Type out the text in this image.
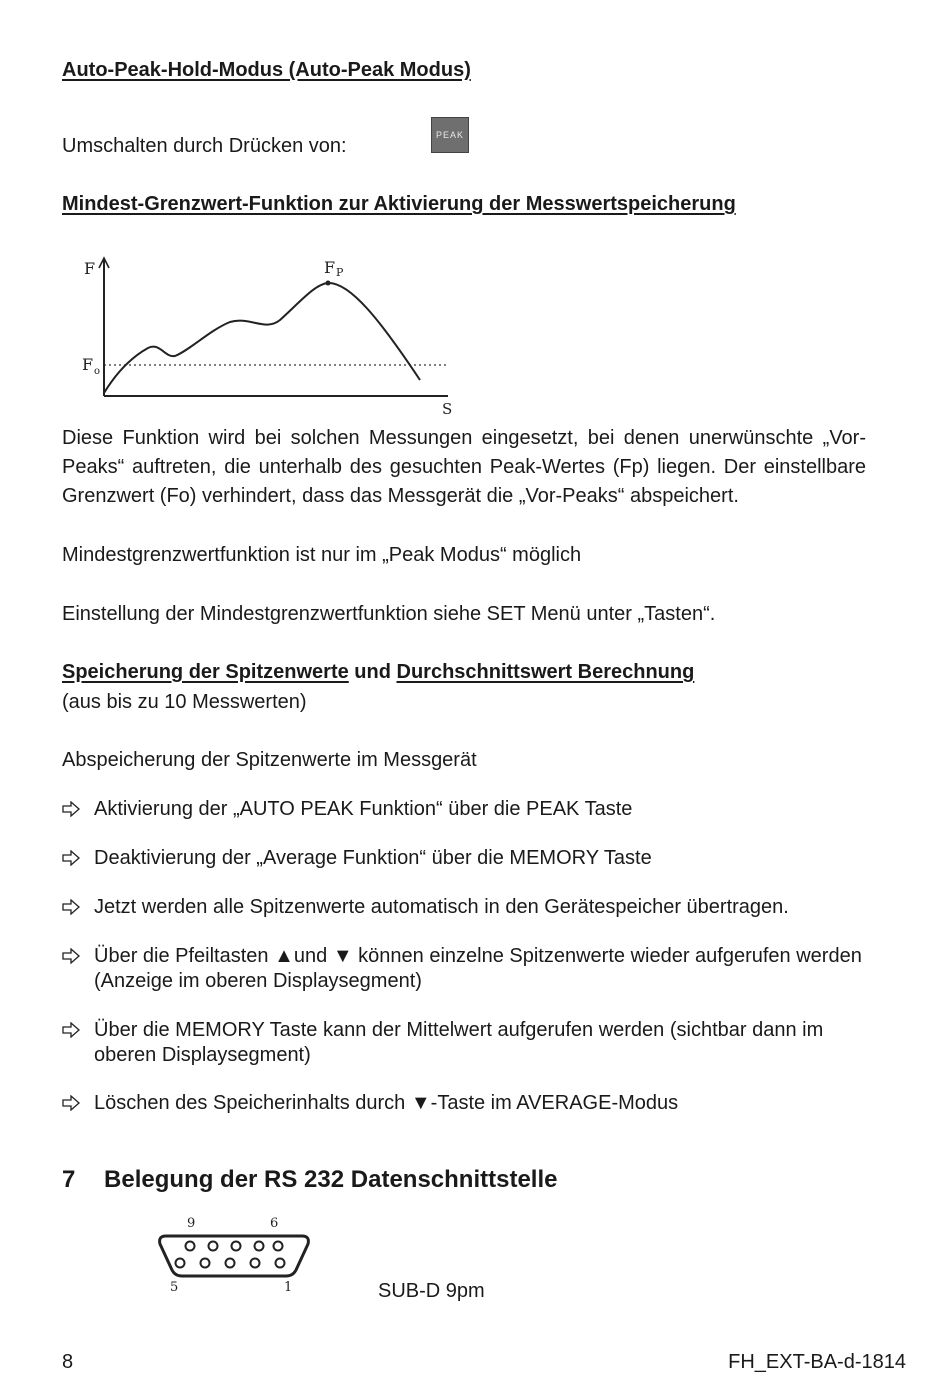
Auto-Peak-Hold-Modus (Auto-Peak Modus)
Umschalten durch Drücken von:	PEAK
Mindest-Grenzwert-Funktion zur Aktivierung der Messwertspeicherung
F	F P
F o
S
Diese Funktion wird bei solchen Messungen eingesetzt, bei denen unerwünschte „Vor-Peaks“ auftreten, die unterhalb des gesuchten Peak-Wertes (Fp) liegen. Der einstellbare Grenzwert (Fo) verhindert, dass das Messgerät die „Vor-Peaks“ abspeichert.
Mindestgrenzwertfunktion ist nur im „Peak Modus“ möglich
Einstellung der Mindestgrenzwertfunktion siehe SET Menü unter „Tasten“.
Speicherung der Spitzenwerte und Durchschnittswert Berechnung
(aus bis zu 10 Messwerten)
Abspeicherung der Spitzenwerte im Messgerät
Aktivierung der „AUTO PEAK Funktion“ über die PEAK Taste
Deaktivierung der „Average Funktion“ über die MEMORY Taste
Jetzt werden alle Spitzenwerte automatisch in den Gerätespeicher übertragen.
Über die Pfeiltasten ▲und ▼ können einzelne Spitzenwerte wieder aufgerufen werden (Anzeige im oberen Displaysegment)
Über die MEMORY Taste kann der Mittelwert aufgerufen werden (sichtbar dann im oberen Displaysegment)
Löschen des Speicherinhalts durch ▼-Taste im AVERAGE-Modus
7 Belegung der RS 232 Datenschnittstelle
9	6
5	1	SUB-D 9pm
8	FH_EXT-BA-d-1814
